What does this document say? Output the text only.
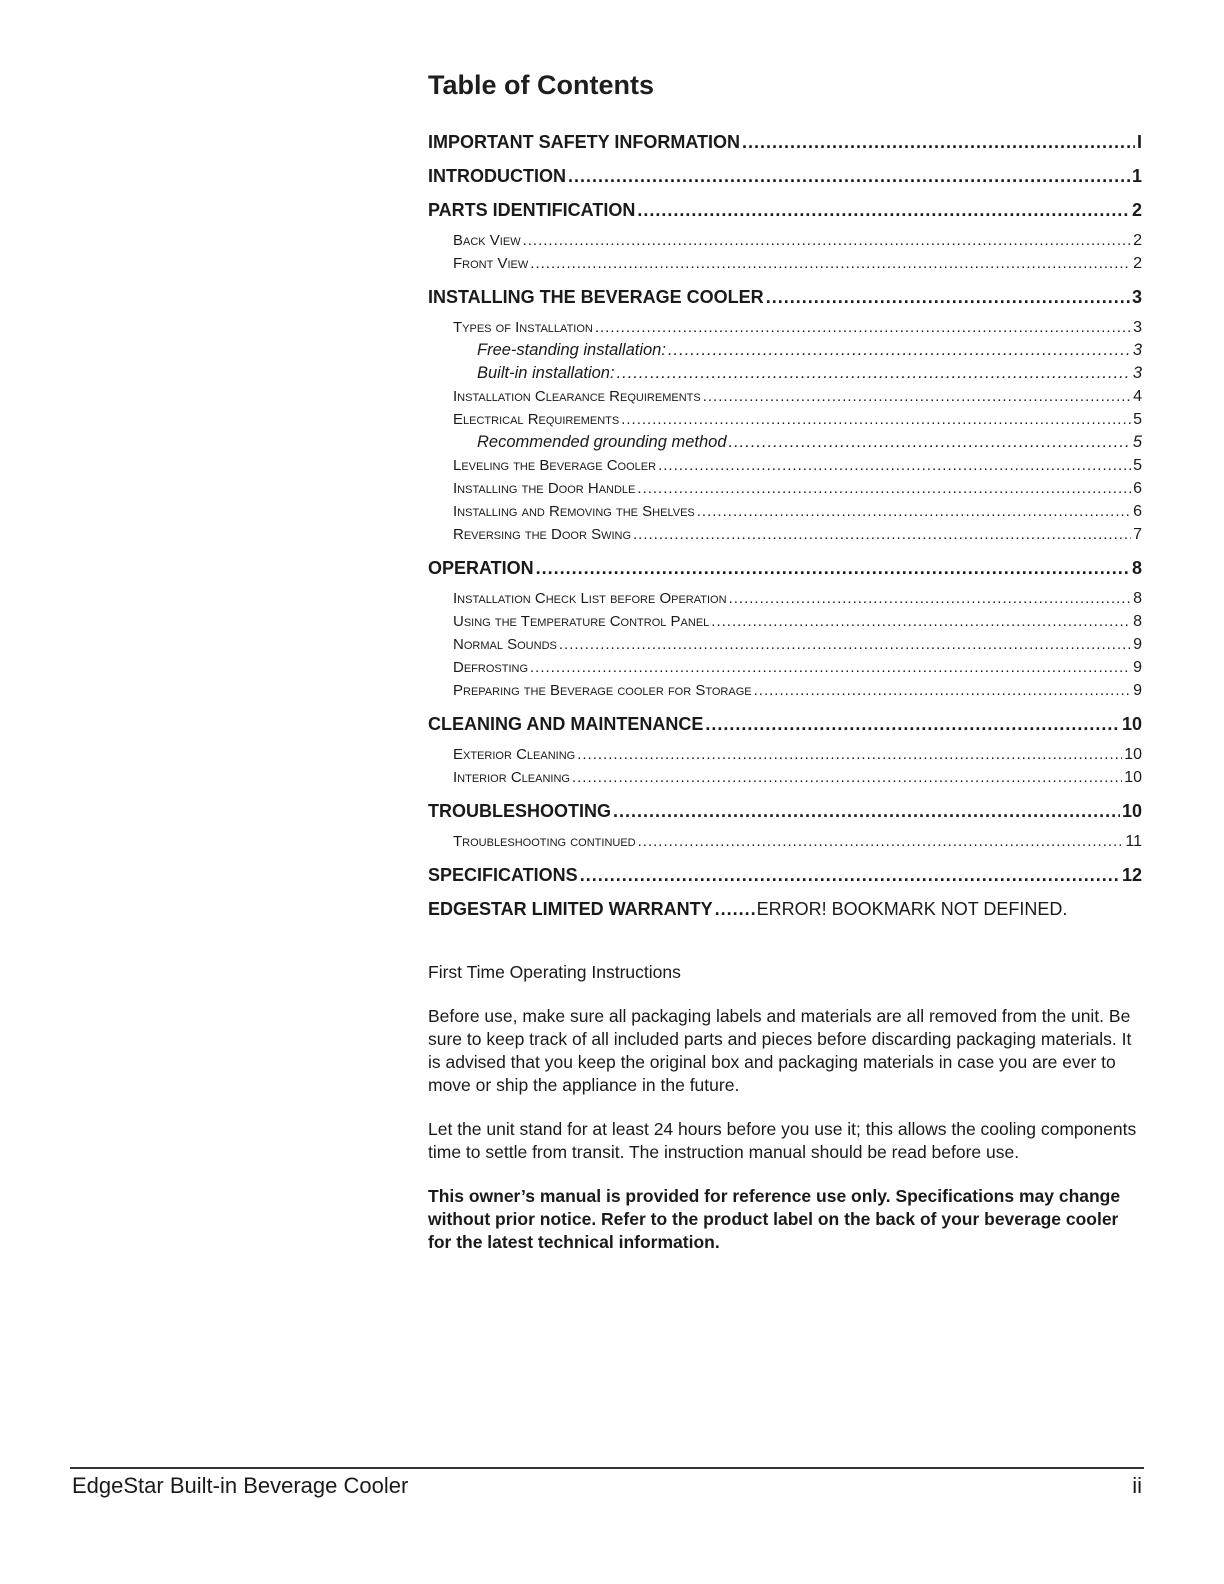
Table of Contents
IMPORTANT SAFETY INFORMATION .....	I
INTRODUCTION .....	1
PARTS IDENTIFICATION .....	2
Back View .....	2
Front View .....	2
INSTALLING THE BEVERAGE COOLER .....	3
Types of Installation .....	3
Free-standing installation: .....	3
Built-in installation: .....	3
Installation Clearance Requirements .....	4
Electrical Requirements .....	5
Recommended grounding method .....	5
Leveling the Beverage Cooler .....	5
Installing the Door Handle .....	6
Installing and Removing the Shelves .....	6
Reversing the Door Swing .....	7
OPERATION .....	8
Installation Check List before Operation .....	8
Using the Temperature Control Panel .....	8
Normal Sounds .....	9
Defrosting .....	9
Preparing the Beverage cooler for Storage .....	9
CLEANING AND MAINTENANCE .....	10
Exterior Cleaning .....	10
Interior Cleaning .....	10
TROUBLESHOOTING .....	10
Troubleshooting continued .....	11
SPECIFICATIONS .....	12
EDGESTAR LIMITED WARRANTY ..... ERROR! BOOKMARK NOT DEFINED.
First Time Operating Instructions

Before use, make sure all packaging labels and materials are all removed from the unit. Be sure to keep track of all included parts and pieces before discarding packaging materials. It is advised that you keep the original box and packaging materials in case you are ever to move or ship the appliance in the future.

Let the unit stand for at least 24 hours before you use it; this allows the cooling components time to settle from transit. The instruction manual should be read before use.

This owner’s manual is provided for reference use only. Specifications may change without prior notice. Refer to the product label on the back of your beverage cooler for the latest technical information.

EdgeStar Built-in Beverage Cooler	ii
